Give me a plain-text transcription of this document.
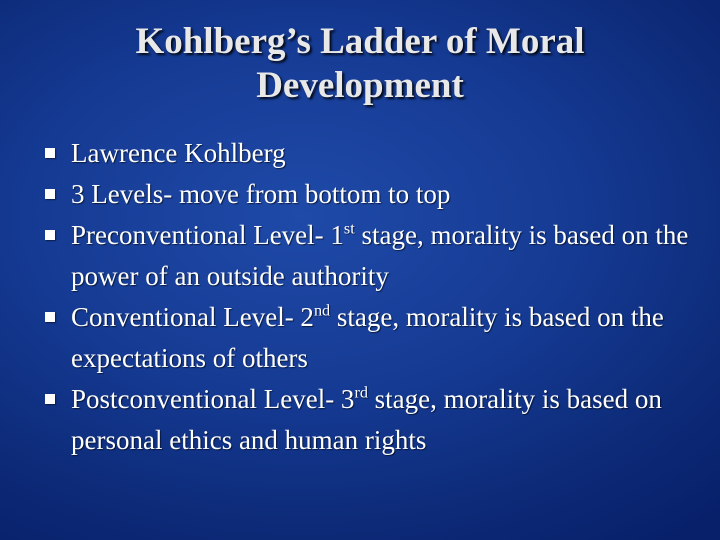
Kohlberg’s Ladder of Moral
Development
Lawrence Kohlberg
3 Levels- move from bottom to top
Preconventional Level- 1st stage, morality is based on the power of an outside authority
Conventional Level- 2nd stage, morality is based on the expectations of others
Postconventional Level- 3rd stage, morality is based on personal ethics and human rights
